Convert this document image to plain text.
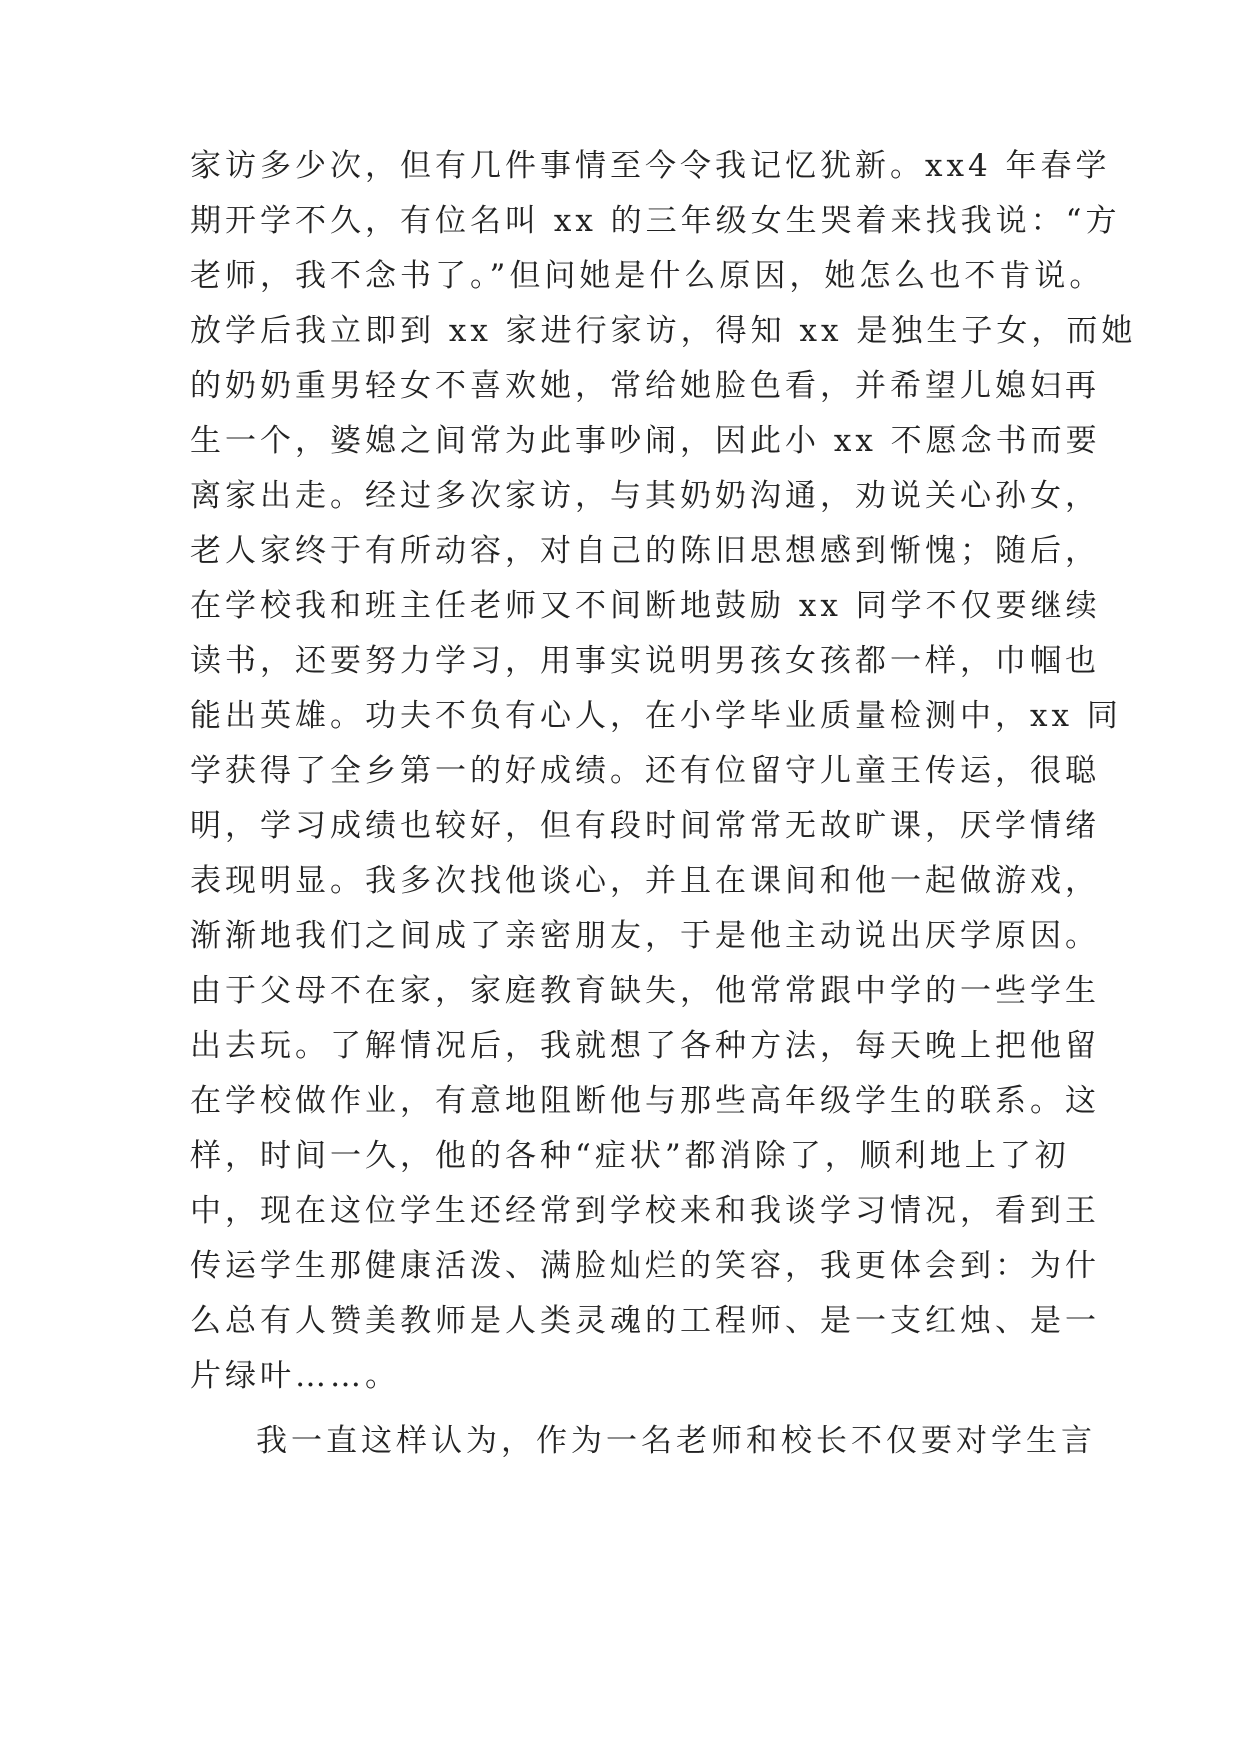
家访多少次，但有几件事情至今令我记忆犹新。xx4 年春学
期开学不久，有位名叫 xx 的三年级女生哭着来找我说：“方
老师，我不念书了。”但问她是什么原因，她怎么也不肯说。
放学后我立即到 xx 家进行家访，得知 xx 是独生子女，而她
的奶奶重男轻女不喜欢她，常给她脸色看，并希望儿媳妇再
生一个，婆媳之间常为此事吵闹，因此小 xx 不愿念书而要
离家出走。经过多次家访，与其奶奶沟通，劝说关心孙女，
老人家终于有所动容，对自己的陈旧思想感到惭愧；随后，
在学校我和班主任老师又不间断地鼓励 xx 同学不仅要继续
读书，还要努力学习，用事实说明男孩女孩都一样，巾帼也
能出英雄。功夫不负有心人，在小学毕业质量检测中，xx 同
学获得了全乡第一的好成绩。还有位留守儿童王传运，很聪
明，学习成绩也较好，但有段时间常常无故旷课，厌学情绪
表现明显。我多次找他谈心，并且在课间和他一起做游戏，
渐渐地我们之间成了亲密朋友，于是他主动说出厌学原因。
由于父母不在家，家庭教育缺失，他常常跟中学的一些学生
出去玩。了解情况后，我就想了各种方法，每天晚上把他留
在学校做作业，有意地阻断他与那些高年级学生的联系。这
样，时间一久，他的各种“症状”都消除了，顺利地上了初
中，现在这位学生还经常到学校来和我谈学习情况，看到王
传运学生那健康活泼、满脸灿烂的笑容，我更体会到：为什
么总有人赞美教师是人类灵魂的工程师、是一支红烛、是一
片绿叶……。
我一直这样认为，作为一名老师和校长不仅要对学生言
